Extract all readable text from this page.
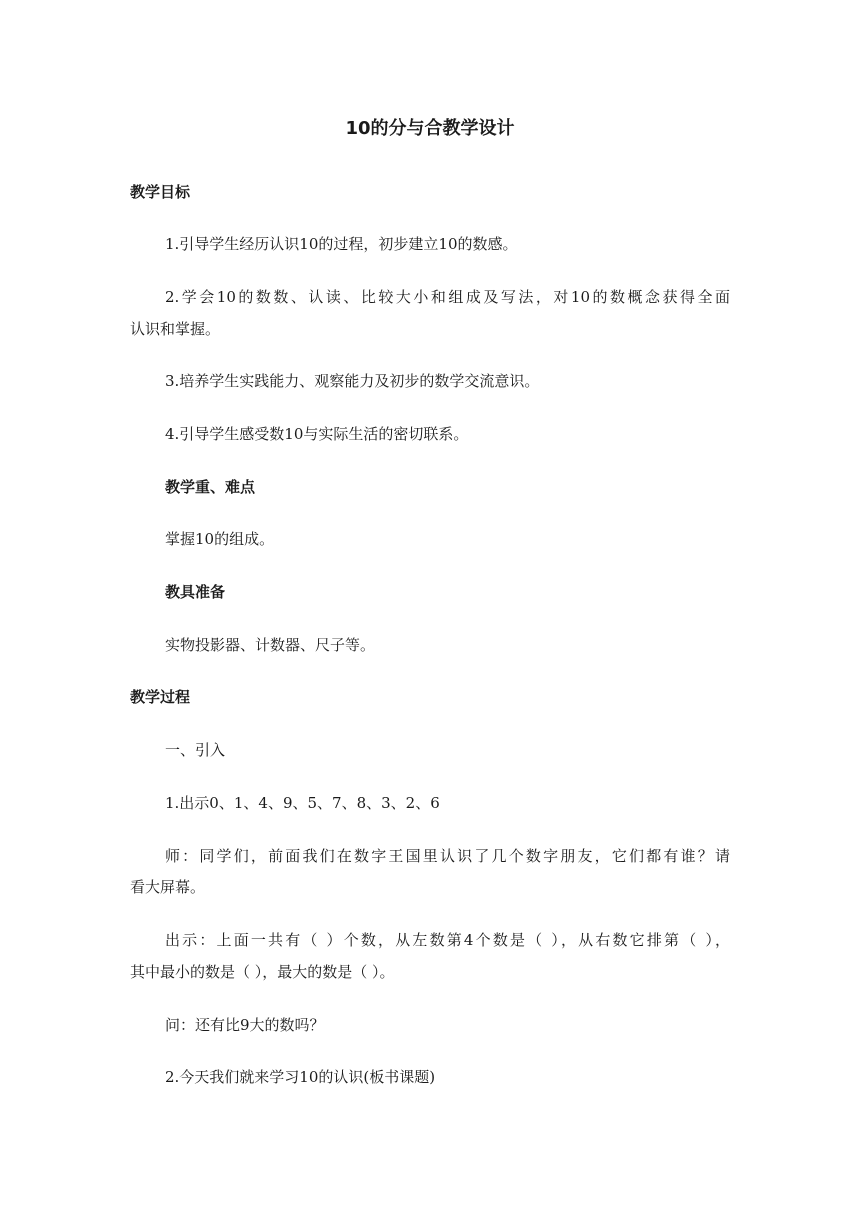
10的分与合教学设计
教学目标
1.引导学生经历认识10的过程，初步建立10的数感。
2.学会10的数数、认读、比较大小和组成及写法，对10的数概念获得全面
认识和掌握。
3.培养学生实践能力、观察能力及初步的数学交流意识。
4.引导学生感受数10与实际生活的密切联系。
教学重、难点
掌握10的组成。
教具准备
实物投影器、计数器、尺子等。
教学过程
一、引入
1.出示0、1、4、9、5、7、8、3、2、6
师：同学们，前面我们在数字王国里认识了几个数字朋友，它们都有谁？请
看大屏幕。
出示：上面一共有（ ）个数，从左数第4个数是（ ），从右数它排第（ ），
其中最小的数是（ ），最大的数是（ ）。
问：还有比9大的数吗？
2.今天我们就来学习10的认识(板书课题)
